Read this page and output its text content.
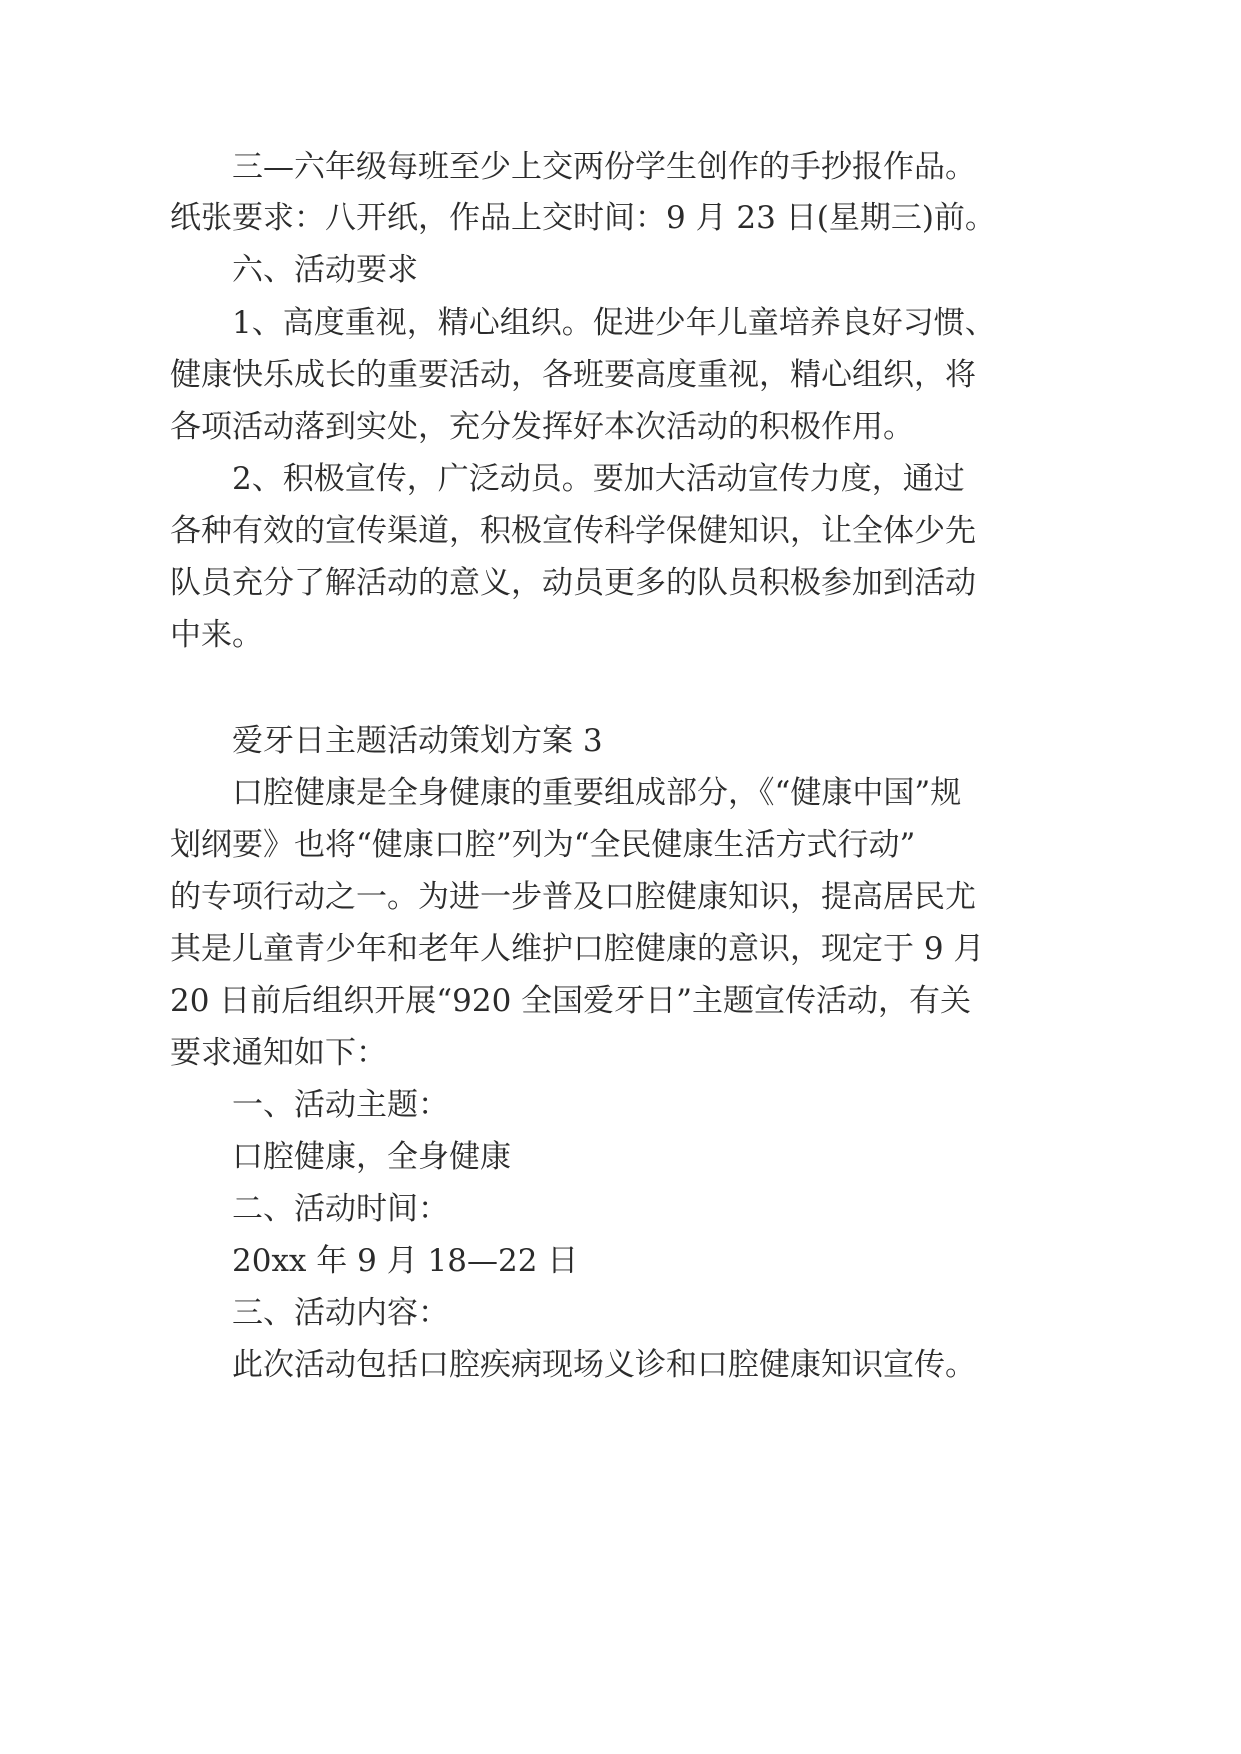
三—六年级每班至少上交两份学生创作的手抄报作品。
纸张要求：八开纸，作品上交时间：9 月 23 日(星期三)前。
六、活动要求
1、高度重视，精心组织。促进少年儿童培养良好习惯、
健康快乐成长的重要活动，各班要高度重视，精心组织，将
各项活动落到实处，充分发挥好本次活动的积极作用。
2、积极宣传，广泛动员。要加大活动宣传力度，通过
各种有效的宣传渠道，积极宣传科学保健知识，让全体少先
队员充分了解活动的意义，动员更多的队员积极参加到活动
中来。
爱牙日主题活动策划方案 3
口腔健康是全身健康的重要组成部分，《“健康中国”规
划纲要》也将“健康口腔”列为“全民健康生活方式行动”
的专项行动之一。为进一步普及口腔健康知识，提高居民尤
其是儿童青少年和老年人维护口腔健康的意识，现定于 9 月
20 日前后组织开展“920 全国爱牙日”主题宣传活动，有关
要求通知如下：
一、活动主题：
口腔健康，全身健康
二、活动时间：
20xx 年 9 月 18—22 日
三、活动内容：
此次活动包括口腔疾病现场义诊和口腔健康知识宣传。
